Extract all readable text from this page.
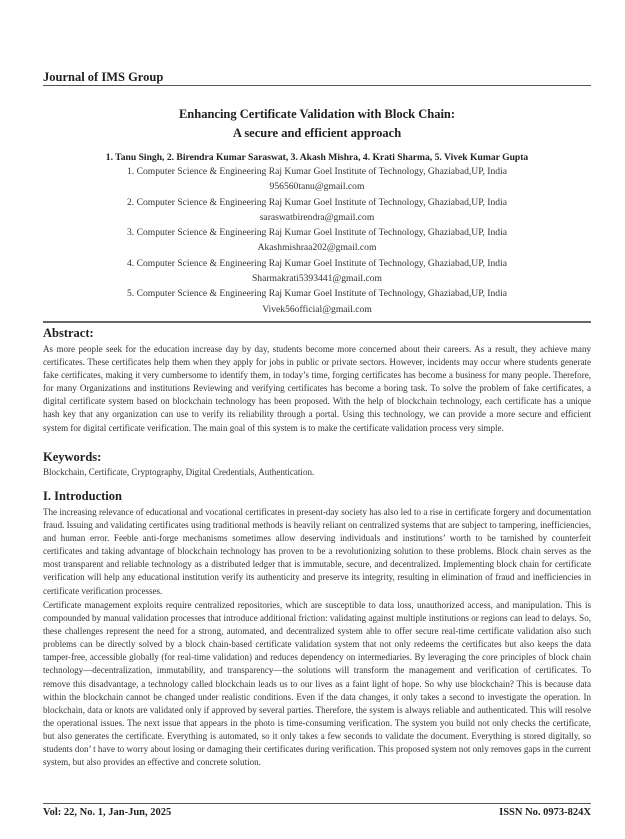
Journal of IMS Group
Enhancing Certificate Validation with Block Chain:
A secure and efficient approach
1. Tanu Singh, 2. Birendra Kumar Saraswat, 3. Akash Mishra, 4. Krati Sharma, 5. Vivek Kumar Gupta
1. Computer Science & Engineering Raj Kumar Goel Institute of Technology, Ghaziabad,UP, India
956560tanu@gmail.com
2. Computer Science & Engineering Raj Kumar Goel Institute of Technology, Ghaziabad,UP, India
saraswatbirendra@gmail.com
3. Computer Science & Engineering Raj Kumar Goel Institute of Technology, Ghaziabad,UP, India
Akashmishraa202@gmail.com
4. Computer Science & Engineering Raj Kumar Goel Institute of Technology, Ghaziabad,UP, India
Sharmakrati5393441@gmail.com
5. Computer Science & Engineering Raj Kumar Goel Institute of Technology, Ghaziabad,UP, India
Vivek56official@gmail.com
Abstract:
As more people seek for the education increase day by day, students become more concerned about their careers. As a result, they achieve many certificates. These certificates help them when they apply for jobs in public or private sectors. However, incidents may occur where students generate fake certificates, making it very cumbersome to identify them, in today’s time, forging certificates has become a business for many people. Therefore, for many Organizations and institutions Reviewing and verifying certificates has become a boring task. To solve the problem of fake certificates, a digital certificate system based on blockchain technology has been proposed. With the help of blockchain technology, each certificate has a unique hash key that any organization can use to verify its reliability through a portal. Using this technology, we can provide a more secure and efficient system for digital certificate verification. The main goal of this system is to make the certificate validation process very simple.
Keywords:
Blockchain, Certificate, Cryptography, Digital Credentials, Authentication.
I. Introduction
The increasing relevance of educational and vocational certificates in present-day society has also led to a rise in certificate forgery and documentation fraud. Issuing and validating certificates using traditional methods is heavily reliant on centralized systems that are subject to tampering, inefficiencies, and human error. Feeble anti-forge mechanisms sometimes allow deserving individuals and institutions’ worth to be tarnished by counterfeit certificates and taking advantage of blockchain technology has proven to be a revolutionizing solution to these problems. Block chain serves as the most transparent and reliable technology as a distributed ledger that is immutable, secure, and decentralized. Implementing block chain for certificate verification will help any educational institution verify its authenticity and preserve its integrity, resulting in elimination of fraud and inefficiencies in certificate verification processes.
Certificate management exploits require centralized repositories, which are susceptible to data loss, unauthorized access, and manipulation. This is compounded by manual validation processes that introduce additional friction: validating against multiple institutions or regions can lead to delays. So, these challenges represent the need for a strong, automated, and decentralized system able to offer secure real-time certificate validation also such problems can be directly solved by a block chain-based certificate validation system that not only redeems the certificates but also keeps the data tamper-free, accessible globally (for real-time validation) and reduces dependency on intermediaries. By leveraging the core principles of block chain technology—decentralization, immutability, and transparency—the solutions will transform the management and verification of certificates. To remove this disadvantage, a technology called blockchain leads us to our lives as a faint light of hope. So why use blockchain? This is because data within the blockchain cannot be changed under realistic conditions. Even if the data changes, it only takes a second to investigate the operation. In blockchain, data or knots are validated only if approved by several parties. Therefore, the system is always reliable and authenticated. This will resolve the operational issues. The next issue that appears in the photo is time-consuming verification. The system you build not only checks the certificate, but also generates the certificate. Everything is automated, so it only takes a few seconds to validate the document. Everything is stored digitally, so students don’ t have to worry about losing or damaging their certificates during verification. This proposed system not only removes gaps in the current system, but also provides an effective and concrete solution.
Vol: 22, No. 1, Jan-Jun, 2025	ISSN No. 0973-824X
